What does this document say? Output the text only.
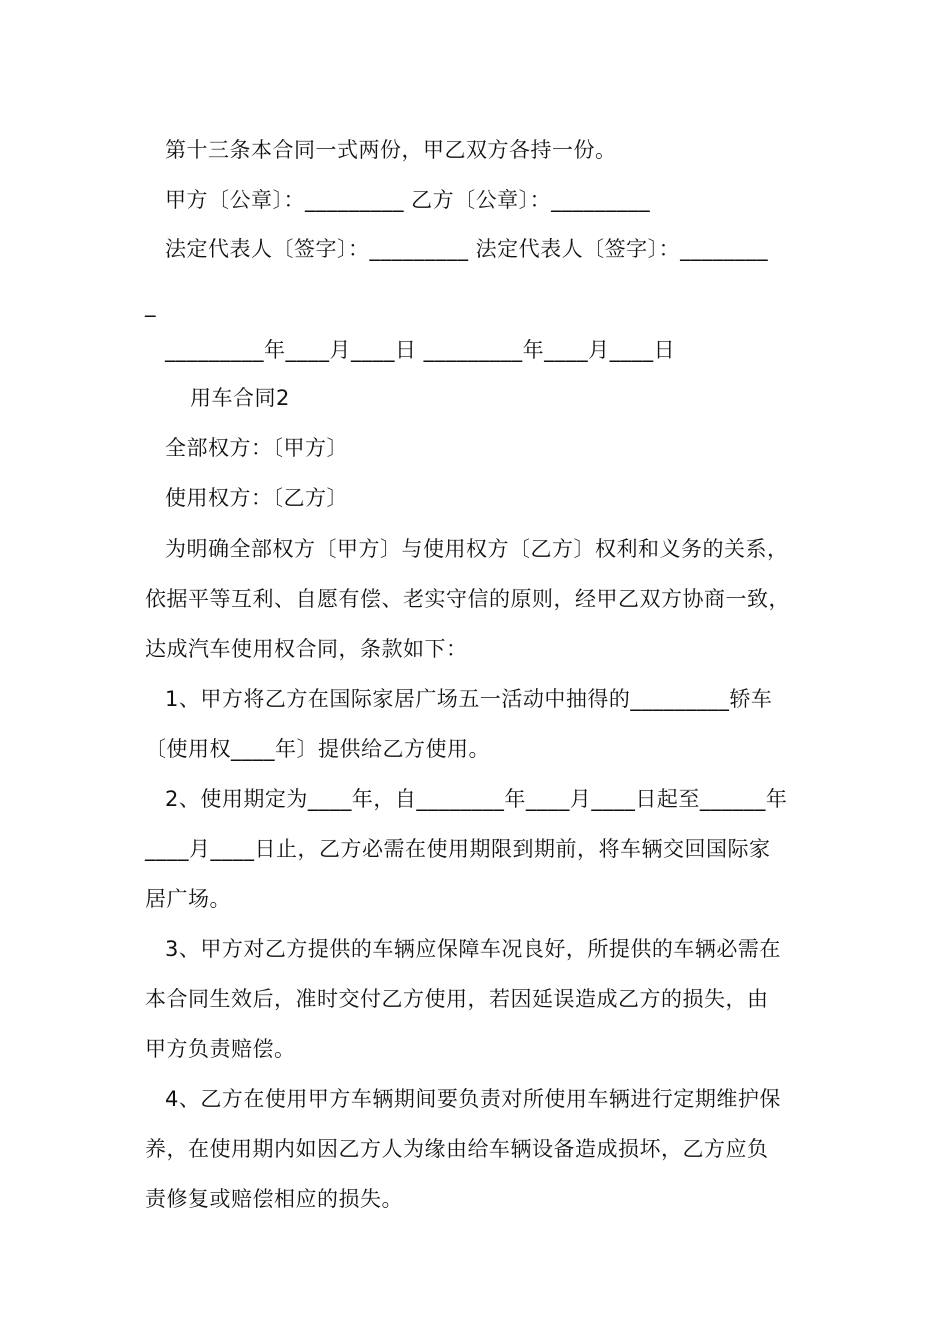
第十三条本合同一式两份，甲乙双方各持一份。
甲方〔公章〕：_________ 乙方〔公章〕：_________
法定代表人〔签字〕：_________ 法定代表人〔签字〕：________
_
_________年____月____日 _________年____月____日
用车合同2
全部权方：〔甲方〕
使用权方：〔乙方〕
为明确全部权方〔甲方〕与使用权方〔乙方〕权利和义务的关系，
依据平等互利、自愿有偿、老实守信的原则，经甲乙双方协商一致，
达成汽车使用权合同，条款如下：
1、甲方将乙方在国际家居广场五一活动中抽得的_________轿车
〔使用权____年〕提供给乙方使用。
2、使用期定为____年，自________年____月____日起至______年
____月____日止，乙方必需在使用期限到期前，将车辆交回国际家
居广场。
3、甲方对乙方提供的车辆应保障车况良好，所提供的车辆必需在
本合同生效后，准时交付乙方使用，若因延误造成乙方的损失，由
甲方负责赔偿。
4、乙方在使用甲方车辆期间要负责对所使用车辆进行定期维护保
养，在使用期内如因乙方人为缘由给车辆设备造成损坏，乙方应负
责修复或赔偿相应的损失。
